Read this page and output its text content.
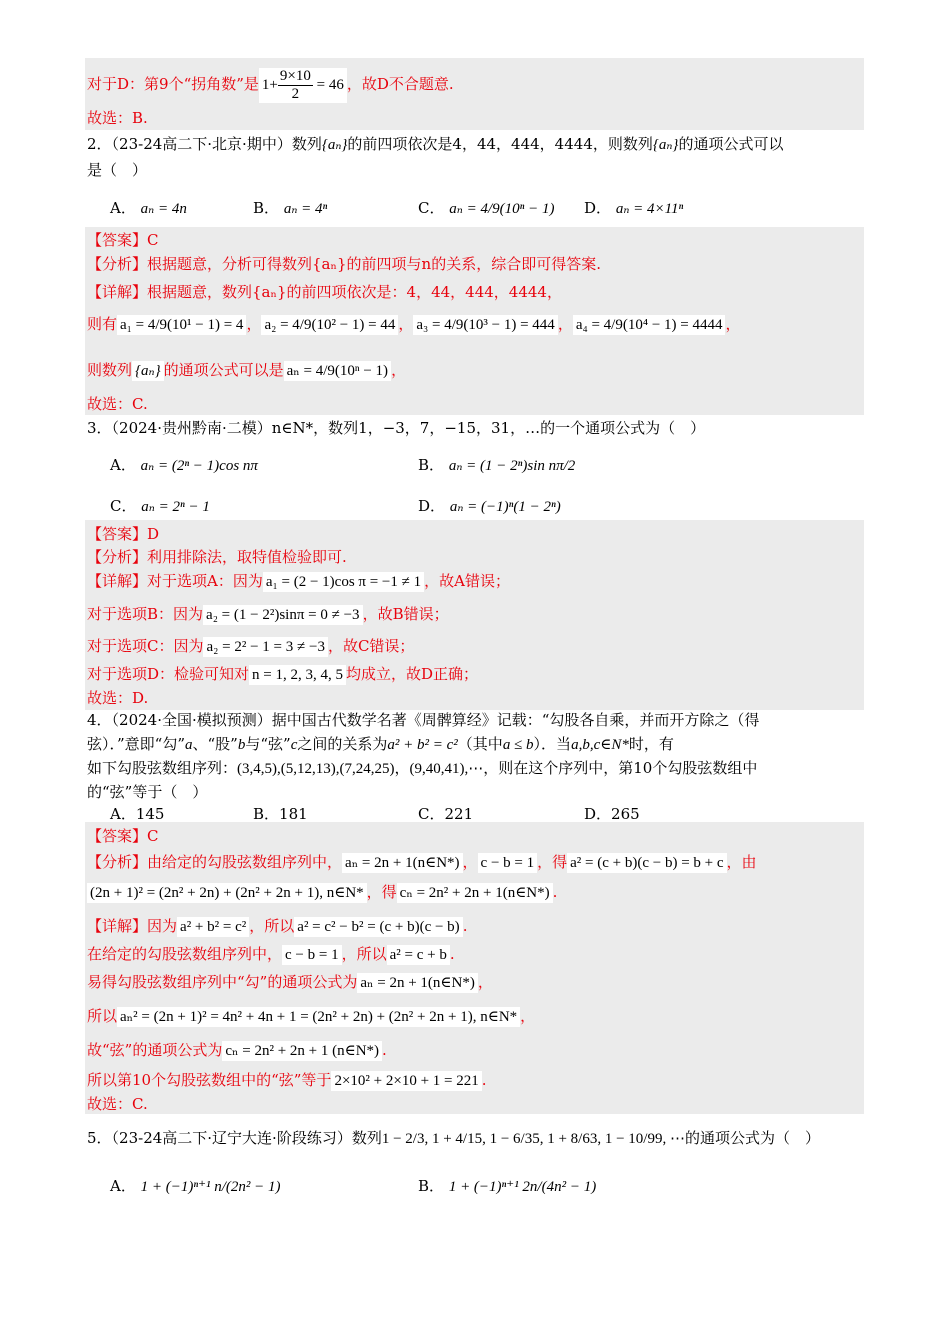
对于D：第9个“拐角数”是 $1+ \frac{9\times 10}{2} = 46$ ，故D不合题意.
故选：B.
2．（23-24高二下·北京·期中）数列{aₙ}的前四项依次是4，44，444，4444，则数列{aₙ}的通项公式可以
是（　）
A． aₙ = 4n	B． aₙ = 4ⁿ	C． aₙ = 4/9(10ⁿ − 1) D． aₙ = 4×11ⁿ
【答案】C
【分析】根据题意，分析可得数列{aₙ}的前四项与n的关系，综合即可得答案.
【详解】根据题意，数列{aₙ}的前四项依次是：4，44，444，4444，
则有 a₁ = 4/9(10¹ − 1) = 4 ， a₂ = 4/9(10² − 1) = 44 ， a₃ = 4/9(10³ − 1) = 444 ， a₄ = 4/9(10⁴ − 1) = 4444 ，
则数列 {aₙ} 的通项公式可以是 aₙ = 4/9(10ⁿ − 1) ，
故选：C.
3．（2024·贵州黔南·二模）n∈N*，数列1，−3，7，−15，31，…的一个通项公式为（　）
A． aₙ = (2ⁿ − 1)cos nπ	B． aₙ = (1 − 2ⁿ)sin nπ/2
C． aₙ = 2ⁿ − 1	D． aₙ = (−1)ⁿ(1 − 2ⁿ)
【答案】D
【分析】利用排除法，取特值检验即可.
【详解】对于选项A：因为 a₁ = (2 − 1)cos π = −1 ≠ 1 ，故A错误；
对于选项B：因为 a₂ = (1 − 2²)sinπ = 0 ≠ −3 ，故B错误；
对于选项C：因为 a₂ = 2² − 1 = 3 ≠ −3 ，故C错误；
对于选项D：检验可知对 n = 1, 2, 3, 4, 5 均成立，故D正确；
故选：D.
4．（2024·全国·模拟预测）据中国古代数学名著《周髀算经》记载：“勾股各自乘，并而开方除之（得
弦）．”意即“勾”a、“股”b与“弦”c之间的关系为a² + b² = c²（其中a ≤ b）．当a,b,c∈N*时，有
如下勾股弦数组序列：(3,4,5),(5,12,13),(7,24,25)，(9,40,41),⋯，则在这个序列中，第10个勾股弦数组中
的“弦”等于（　）
A．145	B．181	C．221	D．265
【答案】C
【分析】由给定的勾股弦数组序列中， aₙ = 2n + 1(n∈N*) ， c − b = 1 ，得 a² = (c + b)(c − b) = b + c ，由
(2n + 1)² = (2n² + 2n) + (2n² + 2n + 1), n∈N* ，得 cₙ = 2n² + 2n + 1(n∈N*) .
【详解】因为 a² + b² = c² ，所以 a² = c² − b² = (c + b)(c − b) .
在给定的勾股弦数组序列中， c − b = 1 ，所以 a² = c + b .
易得勾股弦数组序列中“勾”的通项公式为 aₙ = 2n + 1(n∈N*) ，
所以 aₙ² = (2n + 1)² = 4n² + 4n + 1 = (2n² + 2n) + (2n² + 2n + 1), n∈N* ，
故“弦”的通项公式为 cₙ = 2n² + 2n + 1 (n∈N*) .
所以第10个勾股弦数组中的“弦”等于 2×10² + 2×10 + 1 = 221 .
故选：C.
5．（23-24高二下·辽宁大连·阶段练习）数列1 − 2/3, 1 + 4/15, 1 − 6/35, 1 + 8/63, 1 − 10/99, ⋯的通项公式为（　）
A． 1 + (−1)ⁿ⁺¹ n/(2n² − 1)	B． 1 + (−1)ⁿ⁺¹ 2n/(4n² − 1)
